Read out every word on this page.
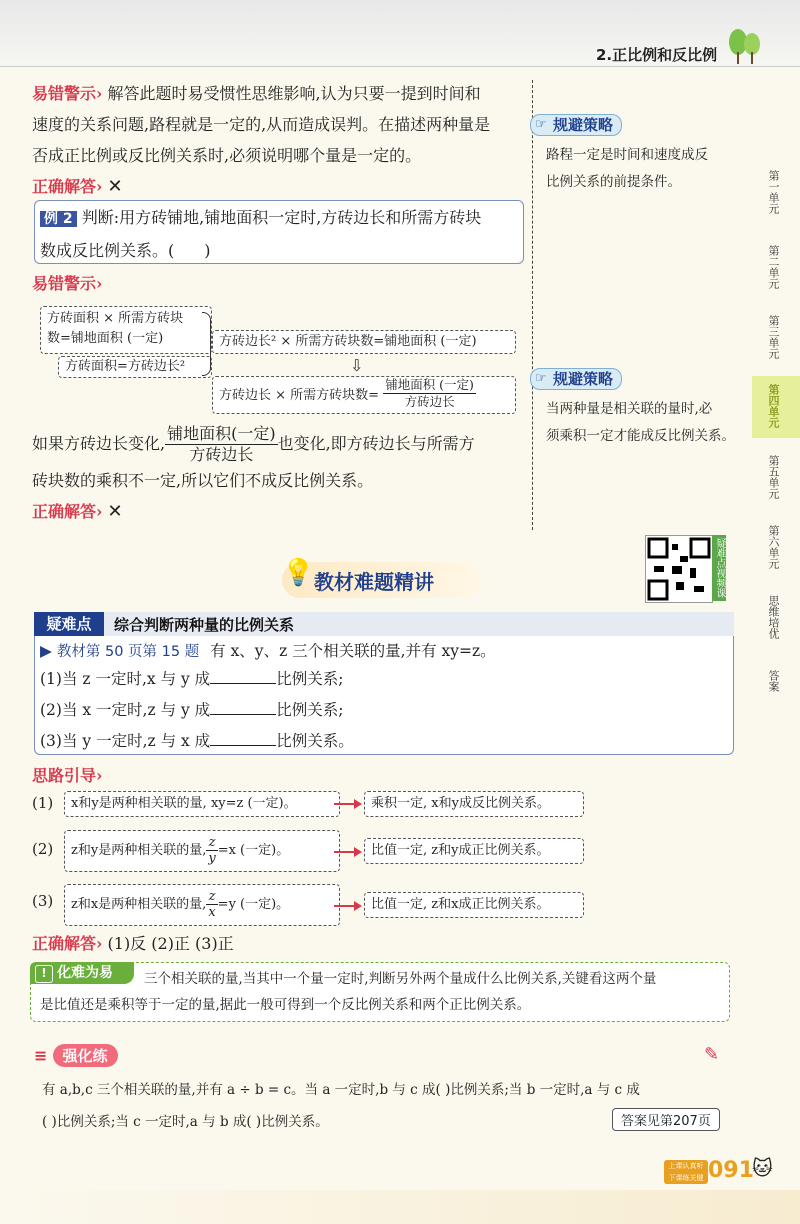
2.正比例和反比例
易错警示› 解答此题时易受惯性思维影响,认为只要一提到时间和
速度的关系问题,路程就是一定的,从而造成误判。在描述两种量是
否成正比例或反比例关系时,必须说明哪个量是一定的。
正确解答› ✕
☞ 规避策略
路程一定是时间和速度成反
比例关系的前提条件。
例 2 判断:用方砖铺地,铺地面积一定时,方砖边长和所需方砖块
数成反比例关系。( )
易错警示›
方砖面积 × 所需方砖块
数=铺地面积 (一定)
方砖面积=方砖边长²
方砖边长² × 所需方砖块数=铺地面积 (一定)
⇩
方砖边长 × 所需方砖块数= $\frac{\text{铺地面积 (一定)}}{\text{方砖边长}}$
☞	规避策略
当两种量是相关联的量时,必
须乘积一定才能成反比例关系。
如果方砖边长变化, $\frac{\text{铺地面积(一定)}}{\text{方砖边长}}$ 也变化,即方砖边长与所需方
砖块数的乘积不一定,所以它们不成反比例关系。
正确解答› ✕
💡 教材难题精讲	疑难点视频课
疑难点	综合判断两种量的比例关系
▶ 教材第 50 页第 15 题 有 x、y、z 三个相关联的量,并有 xy=z。
(1)当 z 一定时,x 与 y 成	比例关系;
(2)当 x 一定时,z 与 y 成	比例关系;
(3)当 y 一定时,z 与 x 成	比例关系。
思路引导›
(1)	x和y是两种相关联的量, xy=z (一定)。	乘积一定, x和y成反比例关系。
(2)	z和y是两种相关联的量, $\frac{z}{y} =x$ (一定)。	比值一定, z和y成正比例关系。
(3)	z和x是两种相关联的量, $\frac{z}{x} =y$ (一定)。	比值一定, z和x成正比例关系。
正确解答› (1)反 (2)正 (3)正
! 化难为易	三个相关联的量,当其中一个量一定时,判断另外两个量成什么比例关系,关键看这两个量
是比值还是乘积等于一定的量,据此一般可得到一个反比例关系和两个正比例关系。
≡ 强化练	✎
有 a,b,c 三个相关联的量,并有 a ÷ b = c。当 a 一定时,b 与 c 成( )比例关系;当 b 一定时,a 与 c 成
( )比例关系;当 c 一定时,a 与 b 成( )比例关系。	答案见第207页
第一单元
第二单元
第三单元
第四单元
第五单元
第六单元
思维培优
答案
上课认真听
下课练关键 091
🐱
